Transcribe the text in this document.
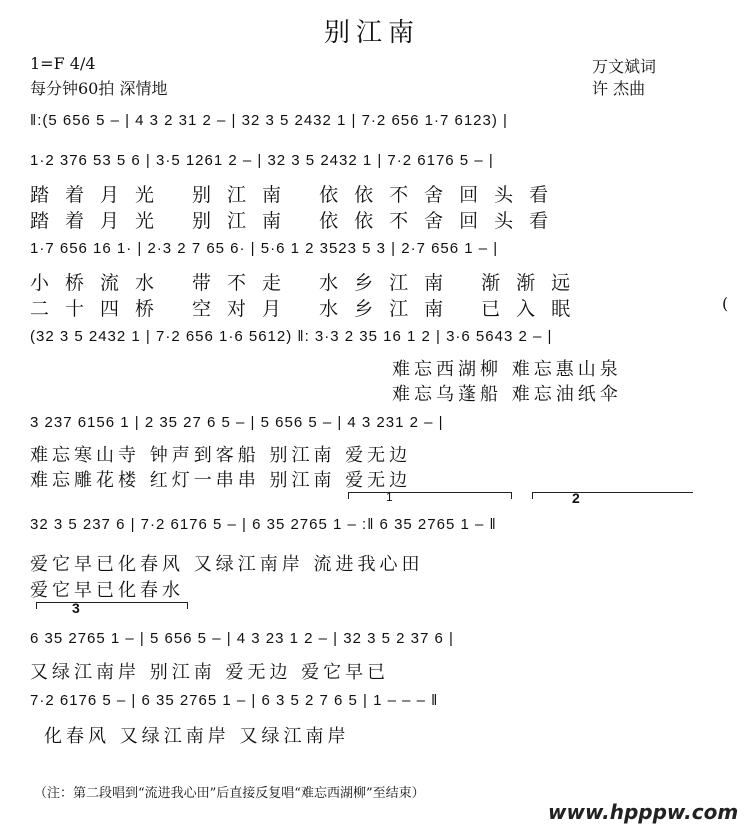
别江南
1=F 4/4
每分钟60拍 深情地
万文斌词
许 杰曲
‖:(5 656 5 – | 4 3 2 31 2 – | 32 3 5 2432 1 | 7·2 656 1·7 6123) |
1·2 376 53 5 6 | 3·5 1261 2 – | 32 3 5 2432 1 | 7·2 6176 5 – |
踏着月光 别江南 依依不舍回头看
踏着月光 别江南 依依不舍回头看
1·7 656 16 1· | 2·3 2 7 65 6· | 5·6 1 2 3523 5 3 | 2·7 656 1 – |
小桥流水 带不走 水乡江南 渐渐远
二十四桥 空对月 水乡江南 已入眠	(
(32 3 5 2432 1 | 7·2 656 1·6 5612) ‖: 3·3 2 35 16 1 2 | 3·6 5643 2 – |
难忘西湖柳 难忘惠山泉
难忘乌蓬船 难忘油纸伞
3 237 6156 1 | 2 35 27 6 5 – | 5 656 5 – | 4 3 231 2 – |
难忘寒山寺 钟声到客船 别江南 爱无边
难忘雕花楼 红灯一串串 别江南 爱无边
1	2
32 3 5 237 6 | 7·2 6176 5 – | 6 35 2765 1 – :‖ 6 35 2765 1 – ‖
爱它早已化春风 又绿江南岸 流进我心田
爱它早已化春水
3
6 35 2765 1 – | 5 656 5 – | 4 3 23 1 2 – | 32 3 5 2 37 6 |
又绿江南岸 别江南 爱无边 爱它早已
7·2 6176 5 – | 6 35 2765 1 – | 6 3 5 2 7 6 5 | 1 – – – ‖
化春风 又绿江南岸 又绿江南岸
（注：第二段唱到“流进我心田”后直接反复唱“难忘西湖柳”至结束）
www.hpppw.com
